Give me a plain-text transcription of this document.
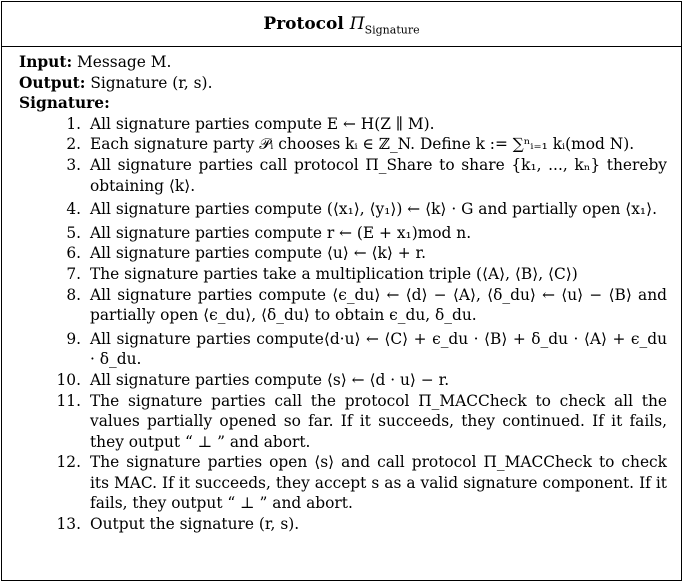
Protocol $\Pi_{Signature}$
Input: Message M.
Output: Signature (r, s).
Signature:
1. All signature parties compute E ← H(Z ∥ M).
2. Each signature party 𝒫ᵢ chooses kᵢ ∈ ℤ_N. Define k := ∑ⁿᵢ₌₁ kᵢ(mod N).
3. All signature parties call protocol Π_Share to share {k₁, ..., kₙ} thereby obtaining ⟨k⟩.
4. All signature parties compute (⟨x₁⟩, ⟨y₁⟩) ← ⟨k⟩ · G and partially open ⟨x₁⟩.
5. All signature parties compute r ← (E + x₁)mod n.
6. All signature parties compute ⟨u⟩ ← ⟨k⟩ + r.
7. The signature parties take a multiplication triple (⟨A⟩, ⟨B⟩, ⟨C⟩)
8. All signature parties compute ⟨ϵ_du⟩ ← ⟨d⟩ − ⟨A⟩, ⟨δ_du⟩ ← ⟨u⟩ − ⟨B⟩ and partially open ⟨ϵ_du⟩, ⟨δ_du⟩ to obtain ϵ_du, δ_du.
9. All signature parties compute⟨d·u⟩ ← ⟨C⟩ + ϵ_du · ⟨B⟩ + δ_du · ⟨A⟩ + ϵ_du · δ_du.
10. All signature parties compute ⟨s⟩ ← ⟨d · u⟩ − r.
11. The signature parties call the protocol Π_MACCheck to check all the values partially opened so far. If it succeeds, they continued. If it fails, they output “ ⊥ ” and abort.
12. The signature parties open ⟨s⟩ and call protocol Π_MACCheck to check its MAC. If it succeeds, they accept s as a valid signature component. If it fails, they output “ ⊥ ” and abort.
13. Output the signature (r, s).
